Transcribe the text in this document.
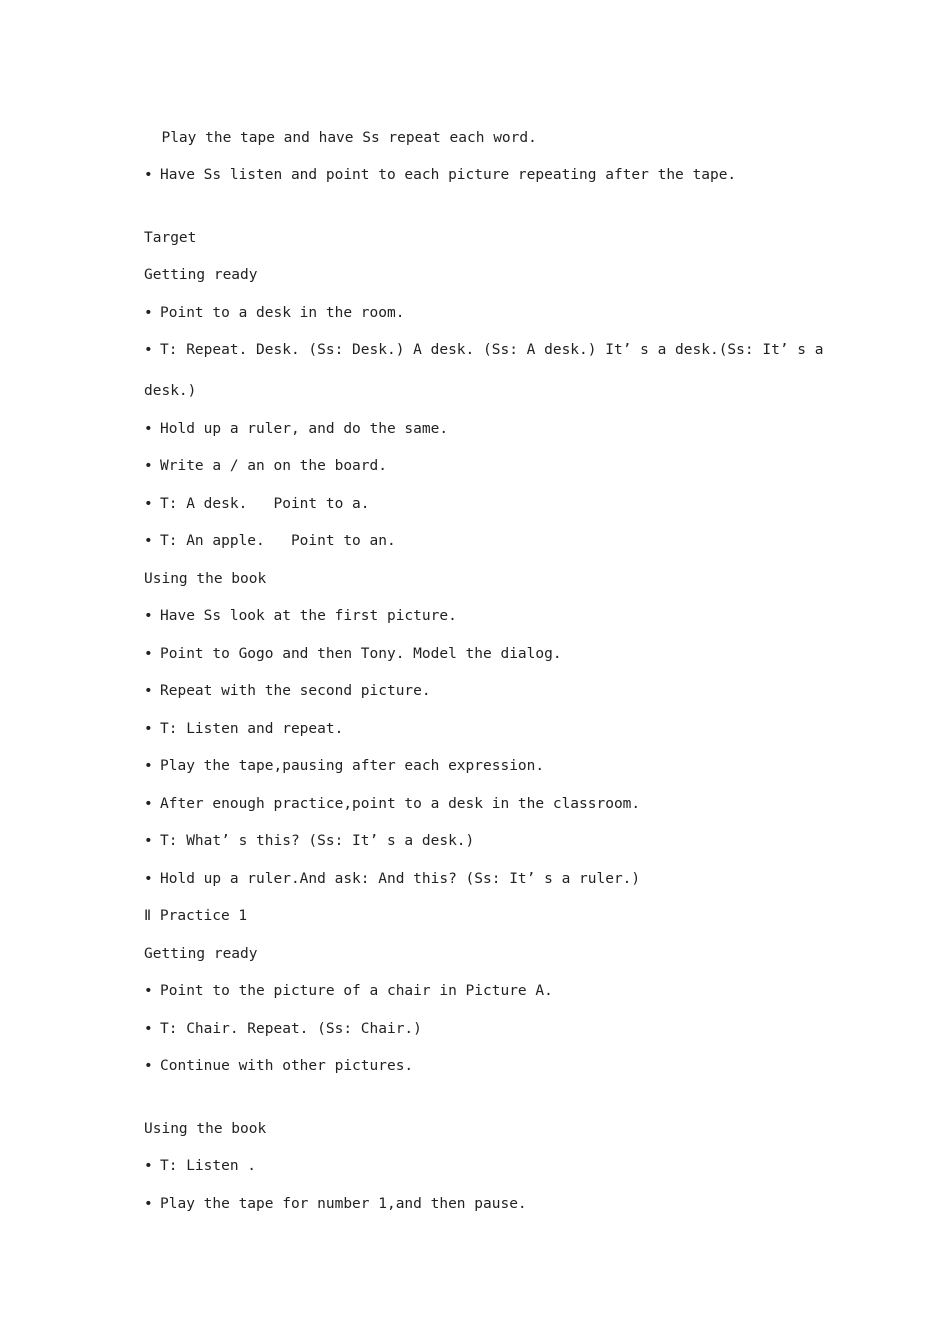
Play the tape and have Ss repeat each word.
• Have Ss listen and point to each picture repeating after the tape.
Target
Getting ready
• Point to a desk in the room.
• T: Repeat. Desk. (Ss: Desk.) A desk. (Ss: A desk.) It’ s a desk.(Ss: It’ s a
desk.)
• Hold up a ruler, and do the same.
• Write a / an on the board.
• T: A desk.   Point to a.
• T: An apple.   Point to an.
Using the book
• Have Ss look at the first picture.
• Point to Gogo and then Tony. Model the dialog.
• Repeat with the second picture.
• T: Listen and repeat.
• Play the tape,pausing after each expression.
• After enough practice,point to a desk in the classroom.
• T: What’ s this? (Ss: It’ s a desk.)
• Hold up a ruler.And ask: And this? (Ss: It’ s a ruler.)
Ⅱ Practice 1
Getting ready
• Point to the picture of a chair in Picture A.
• T: Chair. Repeat. (Ss: Chair.)
• Continue with other pictures.
Using the book
• T: Listen .
• Play the tape for number 1,and then pause.
